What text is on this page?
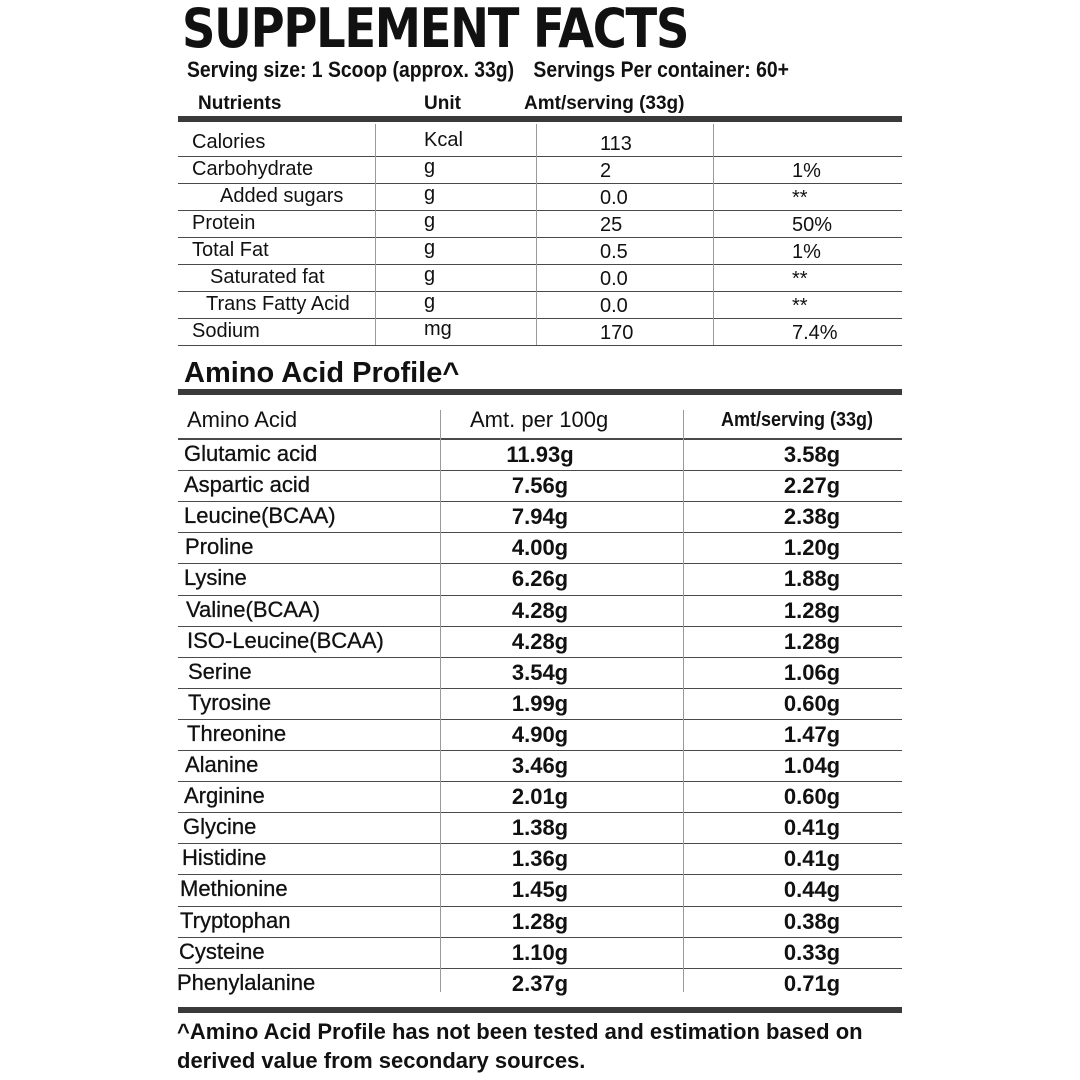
SUPPLEMENT FACTS
Serving size: 1 Scoop (approx. 33g) Servings Per container: 60+
Nutrients	Unit	Amt/serving (33g)
Calories	Kcal	113
Carbohydrate	g	2	1%
Added sugars	g	0.0	**
Protein	g	25	50%
Total Fat	g	0.5	1%
Saturated fat	g	0.0	**
Trans Fatty Acid	g	0.0	**
Sodium	mg	170	7.4%
Amino Acid Profile^
Amino Acid	Amt. per 100g	Amt/serving (33g)
Glutamic acid	11.93g	3.58g
Aspartic acid	7.56g	2.27g
Leucine(BCAA)	7.94g	2.38g
Proline	4.00g	1.20g
Lysine	6.26g	1.88g
Valine(BCAA)	4.28g	1.28g
ISO-Leucine(BCAA)	4.28g	1.28g
Serine	3.54g	1.06g
Tyrosine	1.99g	0.60g
Threonine	4.90g	1.47g
Alanine	3.46g	1.04g
Arginine	2.01g	0.60g
Glycine	1.38g	0.41g
Histidine	1.36g	0.41g
Methionine	1.45g	0.44g
Tryptophan	1.28g	0.38g
Cysteine	1.10g	0.33g
Phenylalanine	2.37g	0.71g
^Amino Acid Profile has not been tested and estimation based on derived value from secondary sources.
